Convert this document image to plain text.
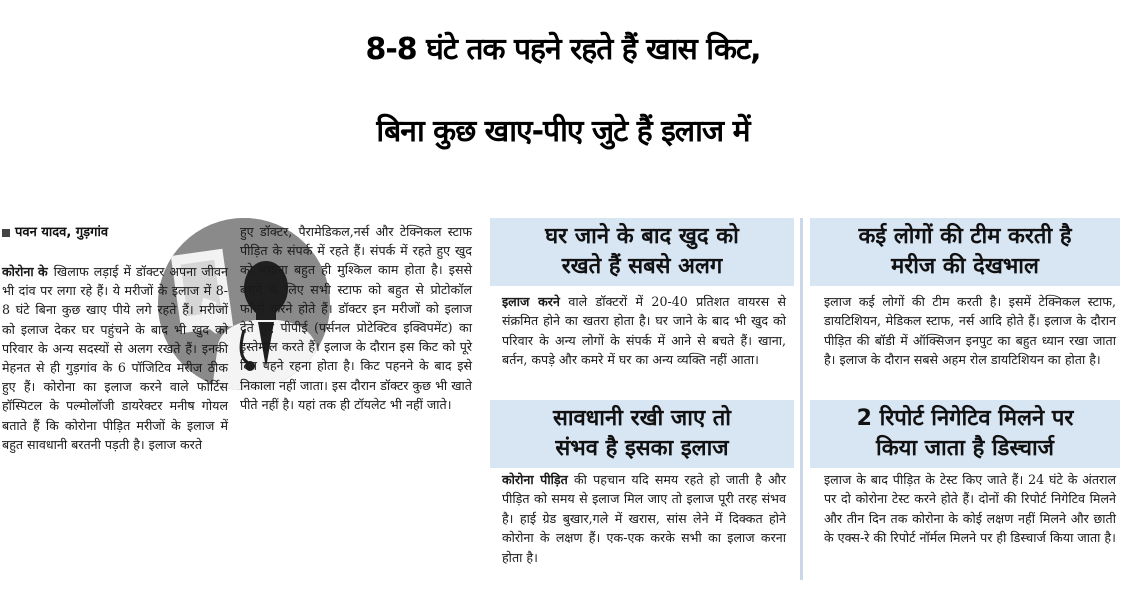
8-8 घंटे तक पहने रहते हैं खास किट,
बिना कुछ खाए-पीए जुटे हैं इलाज में
पवन यादव, गुड़गांव
कोरोना के खिलाफ लड़ाई में डॉक्टर अपना जीवन भी दांव पर लगा रहे हैं। ये मरीजों के इलाज में 8-8 घंटे बिना कुछ खाए पीये लगे रहते हैं। मरीजों को इलाज देकर घर पहुंचने के बाद भी खुद को परिवार के अन्य सदस्यों से अलग रखते हैं। इनकी मेहनत से ही गुड़गांव के 6 पॉजिटिव मरीज ठीक हुए हैं। कोरोना का इलाज करने वाले फोर्टिस हॉस्पिटल के पल्मोलॉजी डायरेक्टर मनीष गोयल बताते हैं कि कोरोना पीड़ित मरीजों के इलाज में बहुत सावधानी बरतनी पड़ती है। इलाज करते

हुए डॉक्टर, पैरामेडिकल,नर्स और टेक्निकल स्टाफ पीड़ित के संपर्क में रहते हैं। संपर्क में रहते हुए खुद को बचाना बहुत ही मुश्किल काम होता है। इससे बचने के लिए सभी स्टाफ को बहुत से प्रोटोकॉल फॉलो करने होते हैं। डॉक्टर इन मरीजों को इलाज देते हुए पीपीई (पर्सनल प्रोटेक्टिव इक्विपमेंट) का इस्तेमाल करते हैं। इलाज के दौरान इस किट को पूरे दिन पहने रहना होता है। किट पहनने के बाद इसे निकाला नहीं जाता। इस दौरान डॉक्टर कुछ भी खाते पीते नहीं है। यहां तक ही टॉयलेट भी नहीं जाते।

घर जाने के बाद खुद को
रखते हैं सबसे अलग
इलाज करने वाले डॉक्टरों में 20-40 प्रतिशत वायरस से संक्रमित होने का खतरा होता है। घर जाने के बाद भी खुद को परिवार के अन्य लोगों के संपर्क में आने से बचते हैं। खाना, बर्तन, कपड़े और कमरे में घर का अन्य व्यक्ति नहीं आता।
कई लोगों की टीम करती है
मरीज की देखभाल
इलाज कई लोगों की टीम करती है। इसमें टेक्निकल स्टाफ, डायटिशियन, मेडिकल स्टाफ, नर्स आदि होते हैं। इलाज के दौरान पीड़ित की बॉडी में ऑक्सिजन इनपुट का बहुत ध्यान रखा जाता है। इलाज के दौरान सबसे अहम रोल डायटिशियन का होता है।
सावधानी रखी जाए तो
संभव है इसका इलाज
कोरोना पीड़ित की पहचान यदि समय रहते हो जाती है और पीड़ित को समय से इलाज मिल जाए तो इलाज पूरी तरह संभव है। हाई ग्रेड बुखार,गले में खरास, सांस लेने में दिक्कत होने कोरोना के लक्षण हैं। एक-एक करके सभी का इलाज करना होता है।
2 रिपोर्ट निगेटिव मिलने पर
किया जाता है डिस्चार्ज
इलाज के बाद पीड़ित के टेस्ट किए जाते हैं। 24 घंटे के अंतराल पर दो कोरोना टेस्ट करने होते हैं। दोनों की रिपोर्ट निगेटिव मिलने और तीन दिन तक कोरोना के कोई लक्षण नहीं मिलने और छाती के एक्स-रे की रिपोर्ट नॉर्मल मिलने पर ही डिस्चार्ज किया जाता है।
